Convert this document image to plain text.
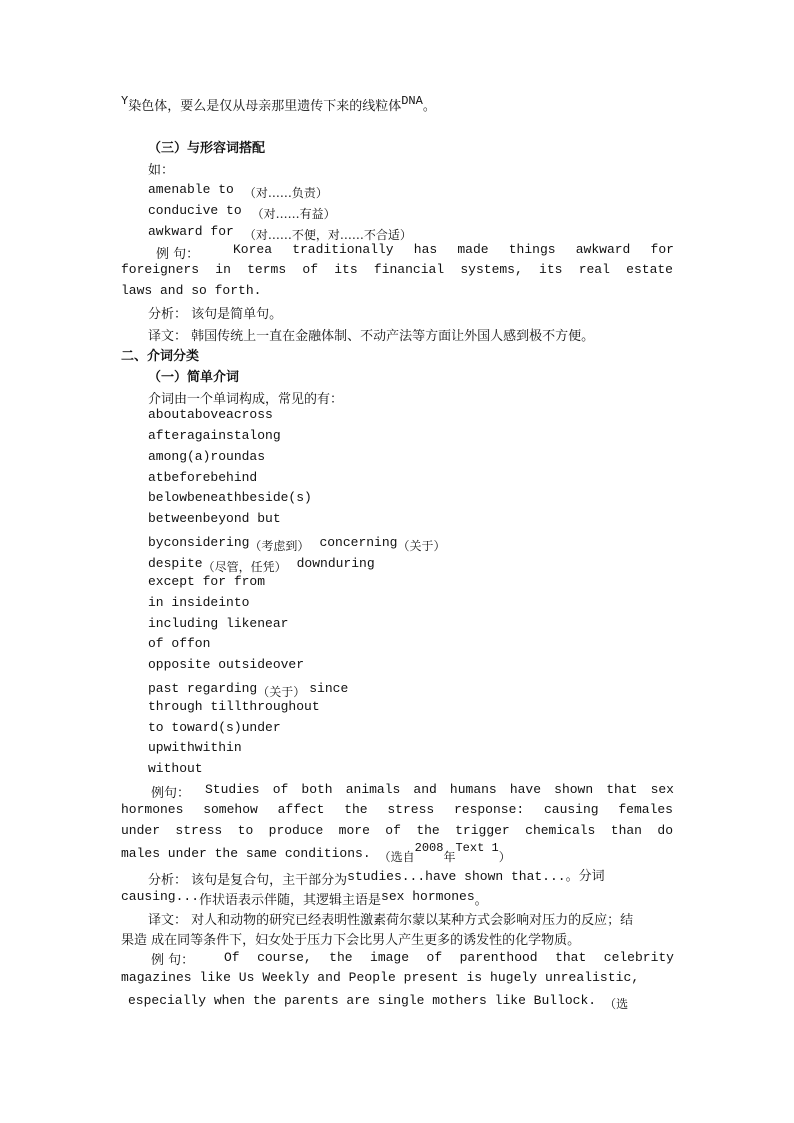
$^Y$染色体，要么是仅从母亲那里遗传下来的线粒体$^{DNA}$。
（三）与形容词搭配
如：
amenable to $_{(对\dots\dots 负责)}$
conducive to $_{(对\dots\dots 有益)}$
awkward for $_{(对\dots\dots 不便,对\dots\dots 不合适)}$
例 句：	Korea traditionally has made things awkward for
foreigners in terms of its financial systems, its real estate
laws and so forth.
分析： 该句是简单句。
译文： 韩国传统上一直在金融体制、不动产法等方面让外国人感到极不方便。
二、介词分类
（一）简单介词
介词由一个单词构成，常见的有：
aboutaboveacross
afteragainstalong
among(a)roundas
atbeforebehind
belowbeneathbeside(s)
betweenbeyond but
byconsidering$_{(考虑到)}$ concerning$_{(关于)}$
despite$_{(尽管,任凭)}$ downduring
except for from
in insideinto
including likenear
of offon
opposite outsideover
past regarding$_{(关于)}$ since
through tillthroughout
to toward(s)under
upwithwithin
without
例句： Studies of both animals and humans have shown that sex
hormones somehow affect the stress response: causing females
under stress to produce more of the trigger chemicals than do
males under the same conditions. $_{(选自}^{2008}_年^{Text 1}_)$
$_{分析: 该句是复合句,主干部分为}$studies...have shown that...。分词
$causing..._{作状语表示伴随,其逻辑主语是}sex$ hormones$_。$
译文： 对人和动物的研究已经表明性激素荷尔蒙以某种方式会影响对压力的反应；结
果造 成在同等条件下，妇女处于压力下会比男人产生更多的诱发性的化学物质。
例 句： Of course, the image of parenthood that celebrity
magazines like Us Weekly and People present is hugely unrealistic,
especially when the parents are single mothers like Bullock. $_{(选}$
